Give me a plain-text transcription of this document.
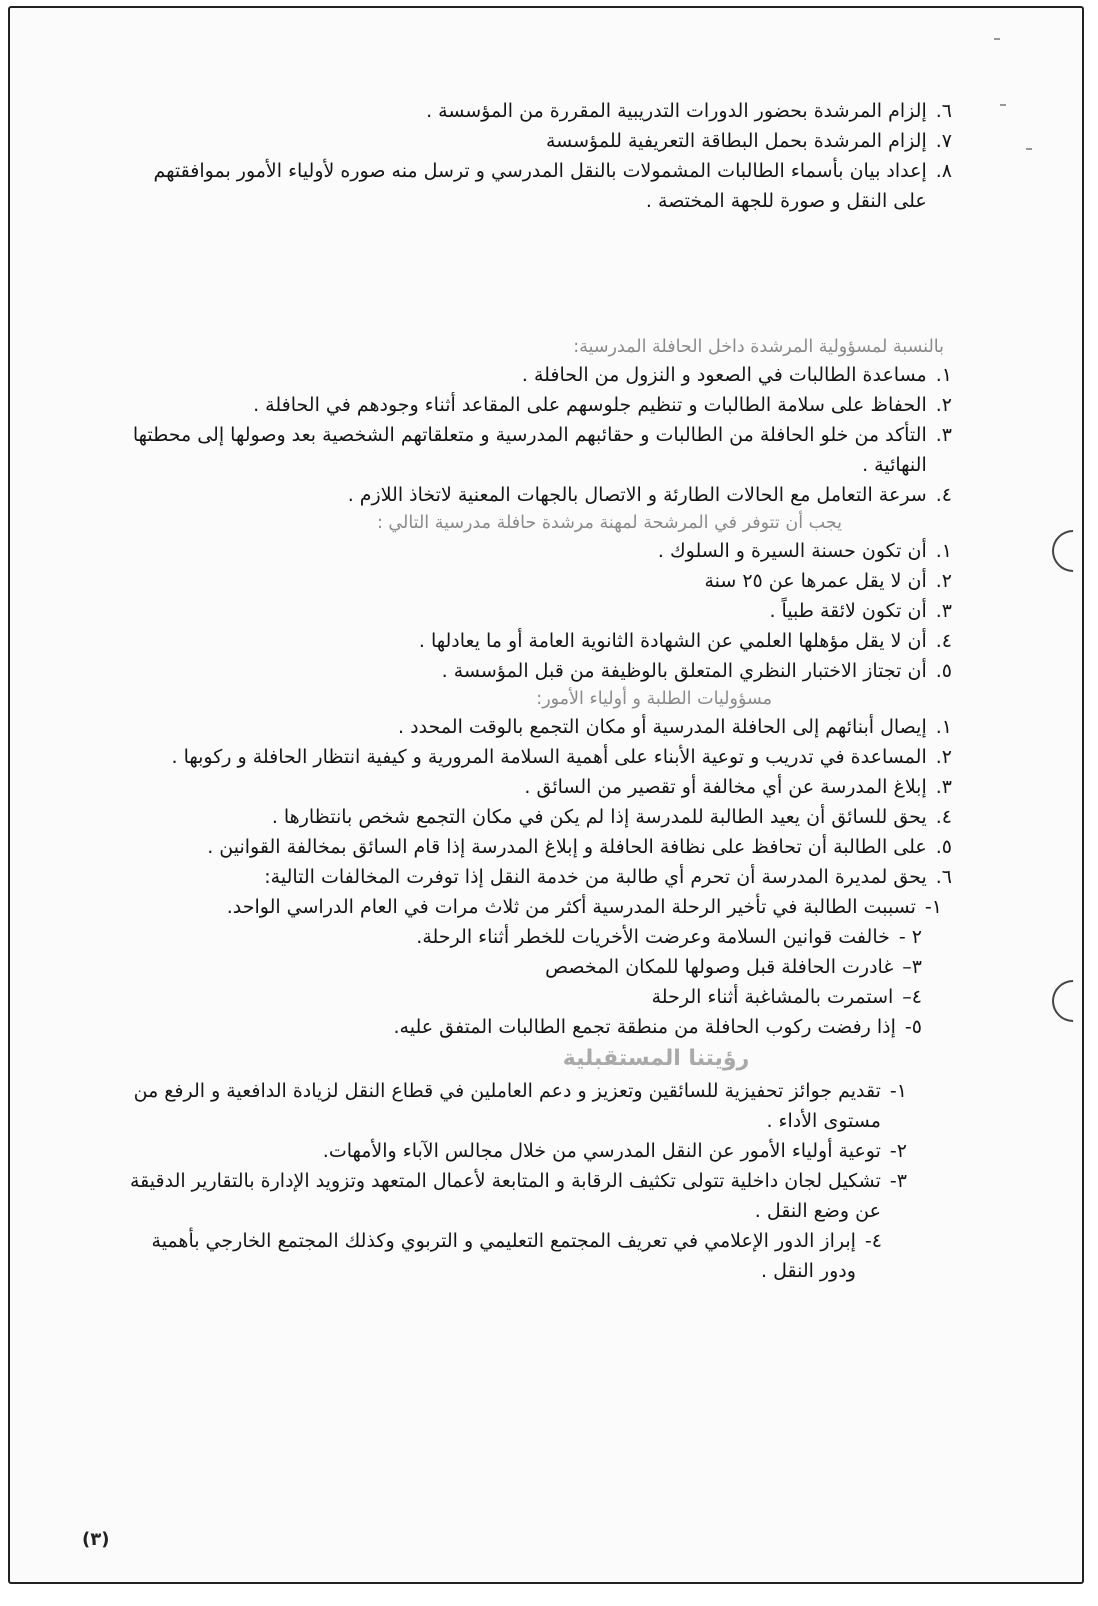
٦.
إلزام المرشدة بحضور الدورات التدريبية المقررة من المؤسسة .
٧.
إلزام المرشدة بحمل البطاقة التعريفية للمؤسسة
٨.
إعداد بيان بأسماء الطالبات المشمولات بالنقل المدرسي و ترسل منه صوره لأولياء الأمور بموافقتهم على النقل و صورة للجهة المختصة .
بالنسبة لمسؤولية المرشدة داخل الحافلة المدرسية:
١.
مساعدة الطالبات في الصعود و النزول من الحافلة .
٢.
الحفاظ على سلامة الطالبات و تنظيم جلوسهم على المقاعد أثناء وجودهم في الحافلة .
٣.
التأكد من خلو الحافلة من الطالبات و حقائبهم المدرسية و متعلقاتهم الشخصية بعد وصولها إلى محطتها النهائية .
٤.
سرعة التعامل مع الحالات الطارئة و الاتصال بالجهات المعنية لاتخاذ اللازم .
يجب أن تتوفر في المرشحة لمهنة مرشدة حافلة مدرسية التالي :
١.
أن تكون حسنة السيرة و السلوك .
٢.
أن لا يقل عمرها عن ٢٥ سنة
٣.
أن تكون لائقة طبياً .
٤.
أن لا يقل مؤهلها العلمي عن الشهادة الثانوية العامة أو ما يعادلها .
٥.
أن تجتاز الاختبار النظري المتعلق بالوظيفة من قبل المؤسسة .
مسؤوليات الطلبة و أولياء الأمور:
١.
إيصال أبنائهم إلى الحافلة المدرسية أو مكان التجمع بالوقت المحدد .
٢.
المساعدة في تدريب و توعية الأبناء على أهمية السلامة المرورية و كيفية انتظار الحافلة و ركوبها .
٣.
إبلاغ المدرسة عن أي مخالفة أو تقصير من السائق .
٤.
يحق للسائق أن يعيد الطالبة للمدرسة إذا لم يكن في مكان التجمع شخص بانتظارها .
٥.
على الطالبة أن تحافظ على نظافة الحافلة و إبلاغ المدرسة إذا قام السائق بمخالفة القوانين .
٦.
يحق لمديرة المدرسة أن تحرم أي طالبة من خدمة النقل إذا توفرت المخالفات التالية:
١-
تسببت الطالبة في تأخير الرحلة المدرسية أكثر من ثلاث مرات في العام الدراسي الواحد.
٢ -
خالفت قوانين السلامة وعرضت الأخريات للخطر أثناء الرحلة.
٣–
غادرت الحافلة قبل وصولها للمكان المخصص
٤–
استمرت بالمشاغبة أثناء الرحلة
٥-
إذا رفضت ركوب الحافلة من منطقة تجمع الطالبات المتفق عليه.
رؤيتنا المستقبلية
١-
تقديم جوائز تحفيزية للسائقين وتعزيز و دعم العاملين في قطاع النقل لزيادة الدافعية و الرفع من مستوى الأداء .
٢-
توعية أولياء الأمور عن النقل المدرسي من خلال مجالس الآباء والأمهات.
٣-
تشكيل لجان داخلية تتولى تكثيف الرقابة و المتابعة لأعمال المتعهد وتزويد الإدارة بالتقارير الدقيقة عن وضع النقل .
٤-
إبراز الدور الإعلامي في تعريف المجتمع التعليمي و التربوي وكذلك المجتمع الخارجي بأهمية ودور النقل .
(٣)
